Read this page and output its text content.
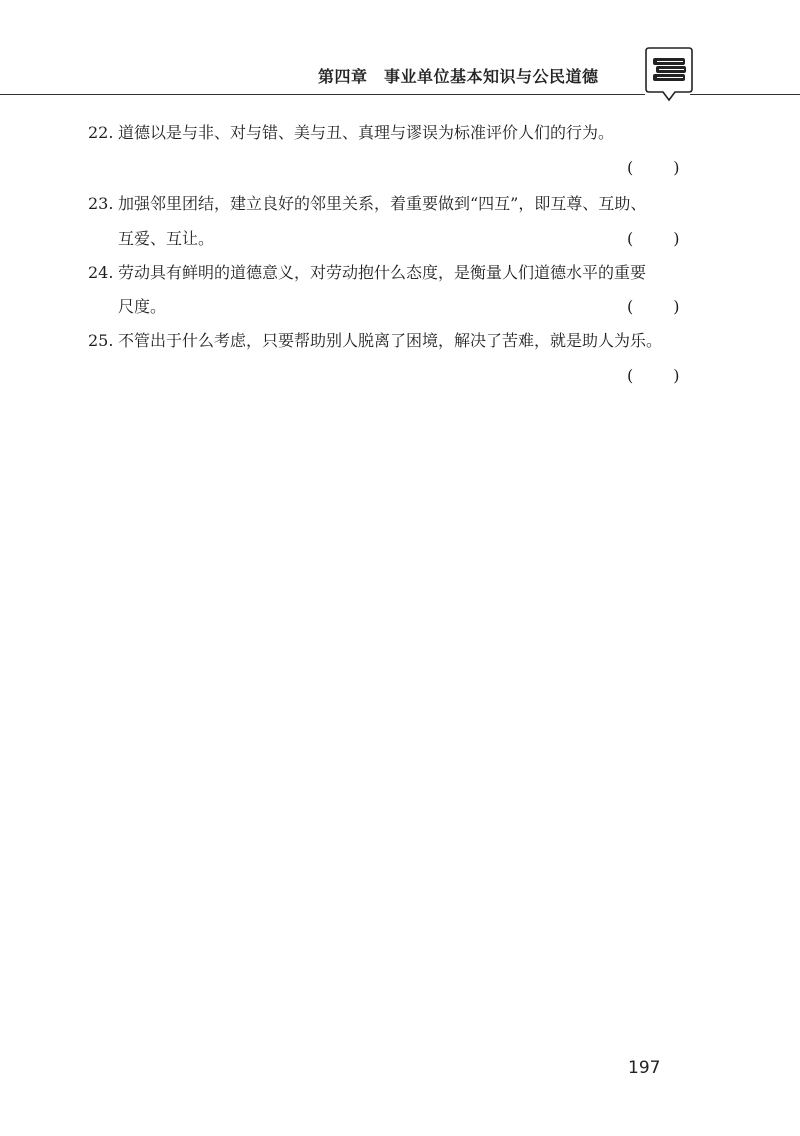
第四章　事业单位基本知识与公民道德
22. 道德以是与非、对与错、美与丑、真理与谬误为标准评价人们的行为。
(	)
23. 加强邻里团结，建立良好的邻里关系，着重要做到“四互”，即互尊、互助、
互爱、互让。	(	)
24. 劳动具有鲜明的道德意义，对劳动抱什么态度，是衡量人们道德水平的重要
尺度。	(	)
25. 不管出于什么考虑，只要帮助别人脱离了困境，解决了苦难，就是助人为乐。
(	)
197
